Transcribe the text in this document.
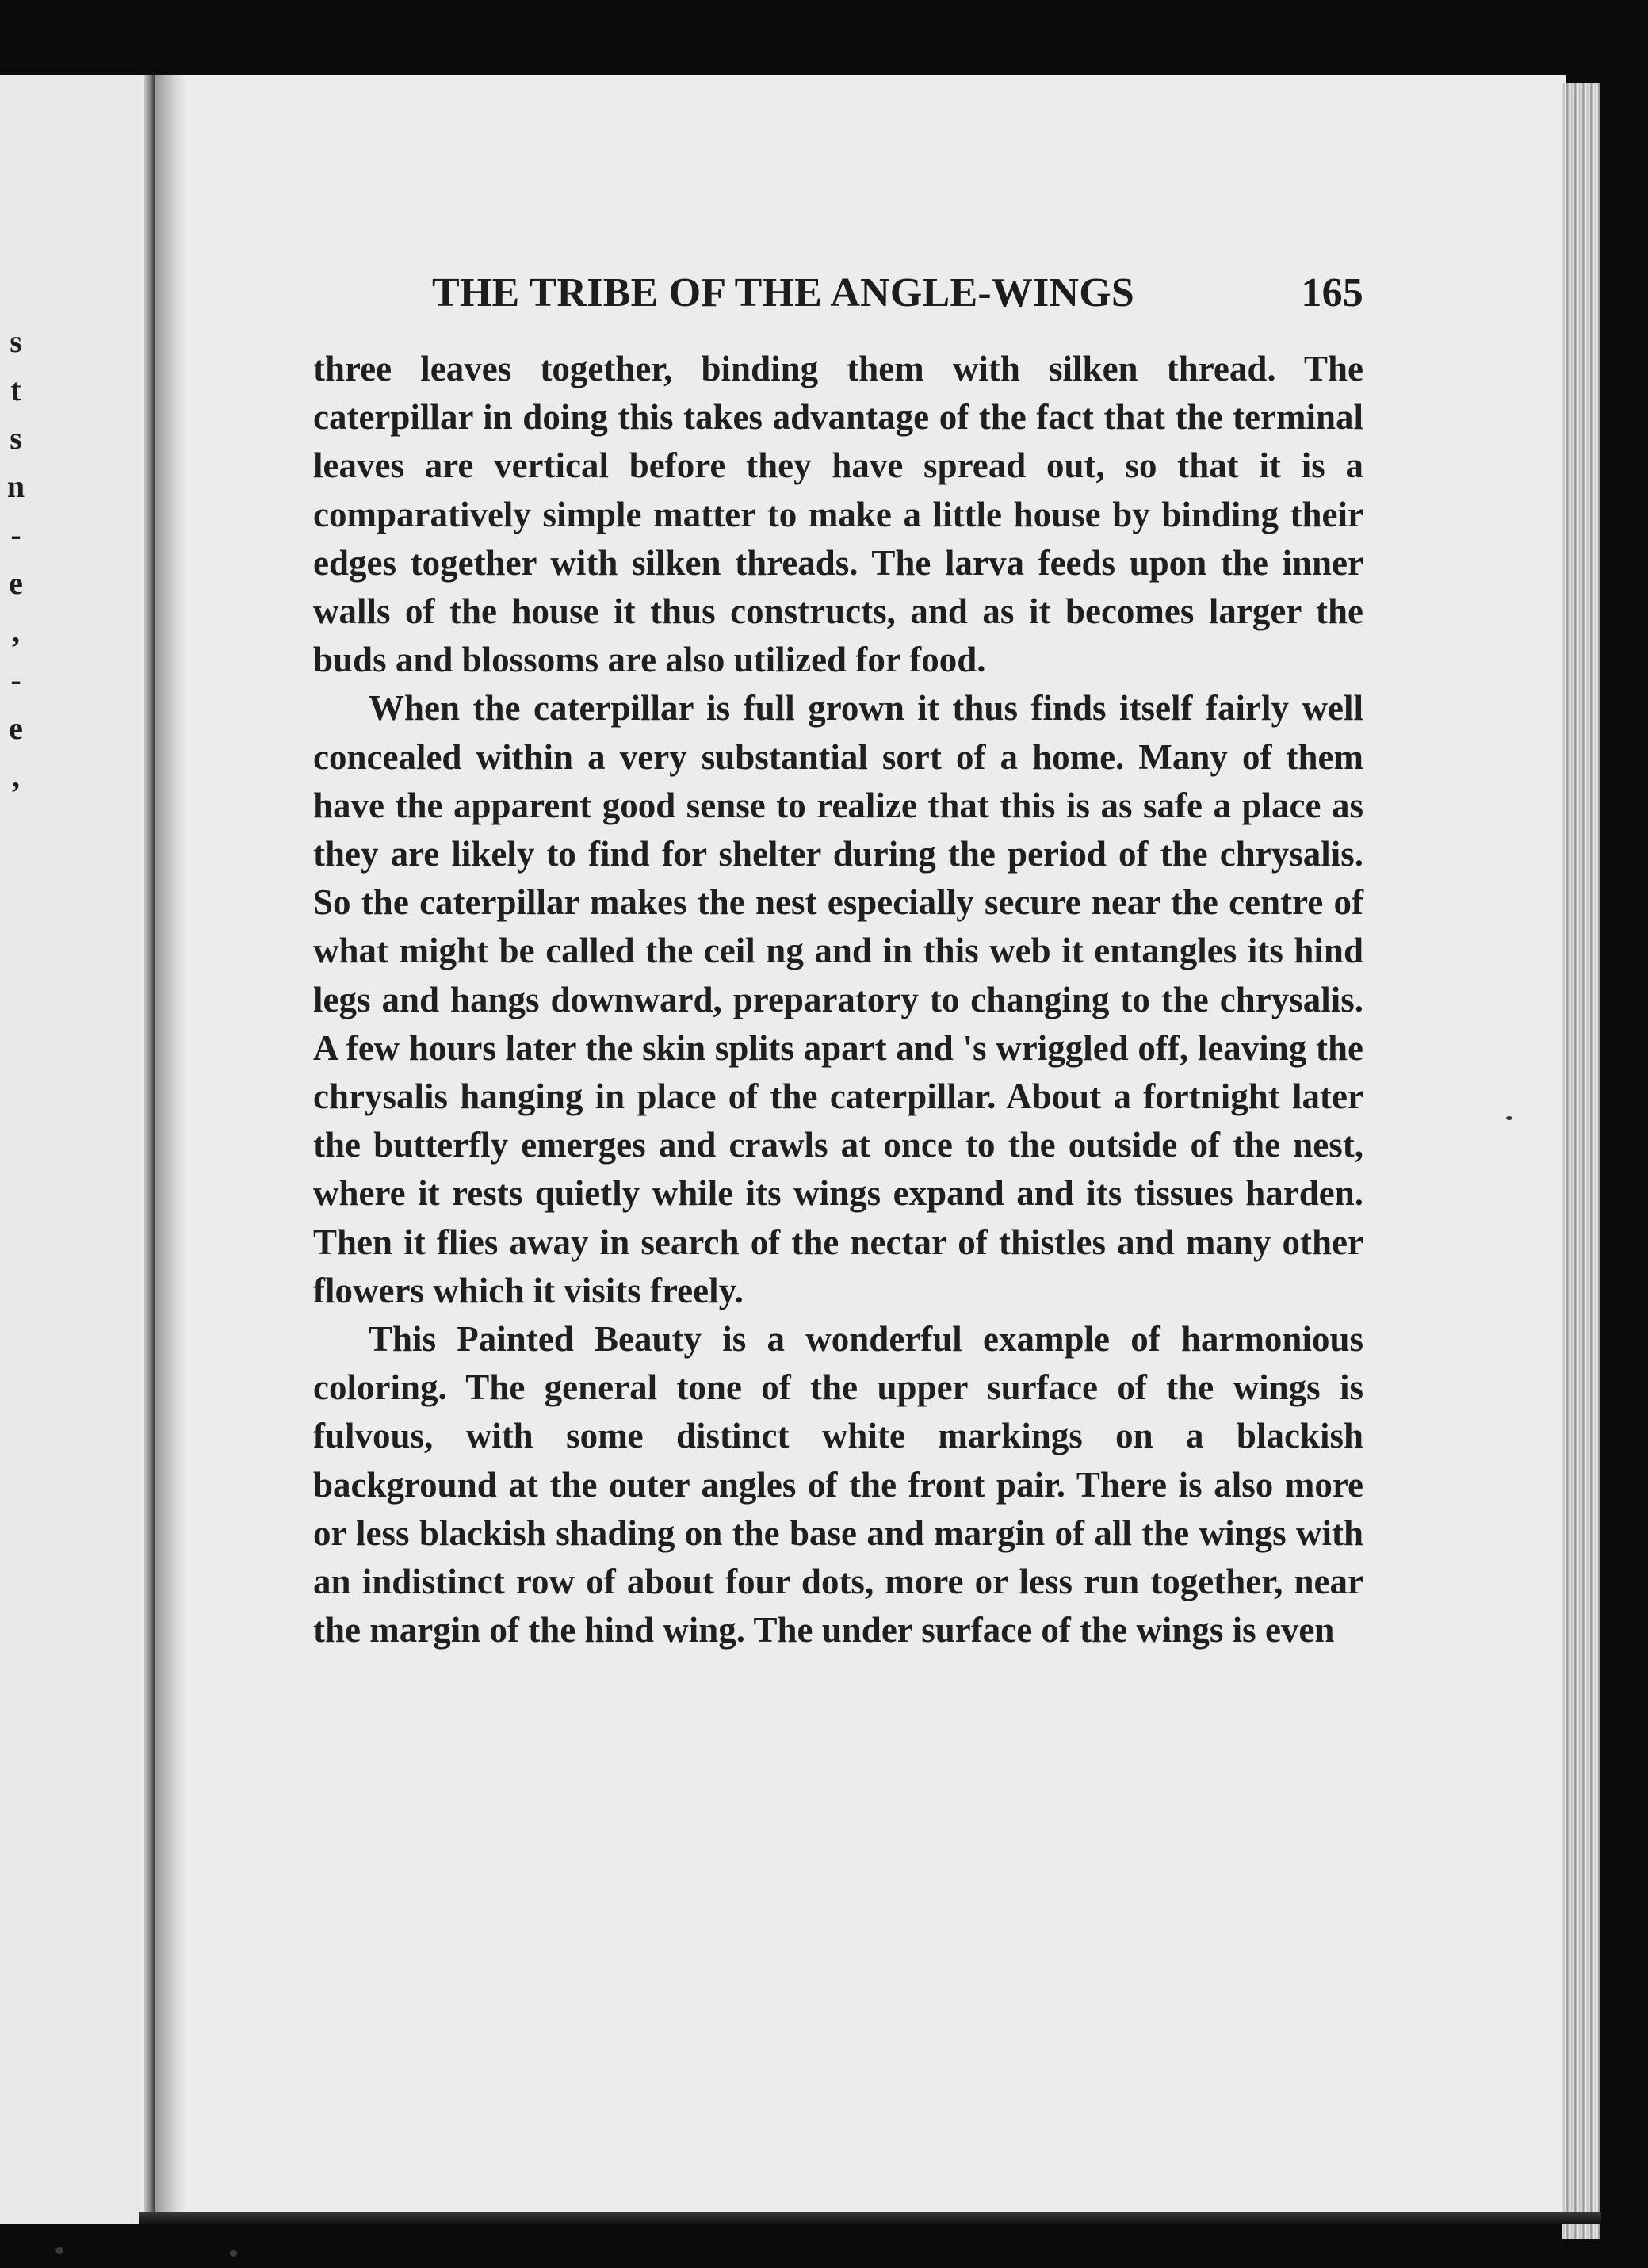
s
t
s
n
-
e
,
-
e
,
THE TRIBE OF THE ANGLE-WINGS	165

three leaves together, binding them with silken thread. The caterpillar in doing this takes advantage of the fact that the terminal leaves are vertical before they have spread out, so that it is a comparatively simple matter to make a little house by binding their edges together with silken threads. The larva feeds upon the inner walls of the house it thus constructs, and as it becomes larger the buds and blossoms are also utilized for food.

When the caterpillar is full grown it thus finds itself fairly well concealed within a very substantial sort of a home. Many of them have the apparent good sense to realize that this is as safe a place as they are likely to find for shelter during the period of the chrysalis. So the caterpillar makes the nest especially secure near the centre of what might be called the ceil ng and in this web it entangles its hind legs and hangs downward, preparatory to changing to the chrysalis. A few hours later the skin splits apart and 's wriggled off, leaving the chrysalis hanging in place of the caterpillar. About a fortnight later the butterfly emerges and crawls at once to the outside of the nest, where it rests quietly while its wings expand and its tissues harden. Then it flies away in search of the nectar of thistles and many other flowers which it visits freely.

This Painted Beauty is a wonderful example of harmonious coloring. The general tone of the upper surface of the wings is fulvous, with some distinct white markings on a blackish background at the outer angles of the front pair. There is also more or less blackish shading on the base and margin of all the wings with an indistinct row of about four dots, more or less run together, near the margin of the hind wing. The under surface of the wings is even
